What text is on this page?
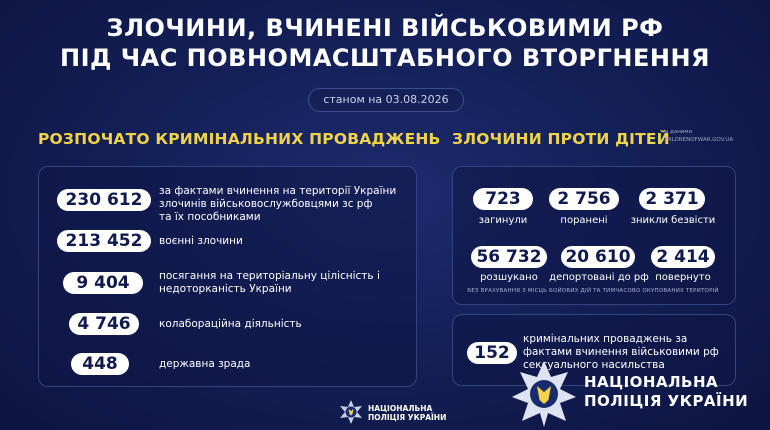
ЗЛОЧИНИ, ВЧИНЕНІ ВІЙСЬКОВИМИ РФ
ПІД ЧАС ПОВНОМАСШТАБНОГО ВТОРГНЕННЯ
станом на 03.08.2026
РОЗПОЧАТО КРИМІНАЛЬНИХ ПРОВАДЖЕНЬ ЗЛОЧИНИ ПРОТИ ДІТЕЙ
за даними
CHILDRENOFWAR.GOV.UA
230 612	за фактами вчинення на території України
злочинів військовослужбовцями зс рф
та їх пособниками
213 452	воєнні злочини
9 404	посягання на територіальну цілісність і
недоторканість України
4 746	колабораційна діяльність
448	державна зрада
723
загинули
2 756
поранені
2 371
зникли безвісти
56 732
розшукано
20 610
депортовані до рф
2 414
повернуто
БЕЗ ВРАХУВАННЯ З МІСЦЬ БОЙОВИХ ДІЙ ТА ТИМЧАСОВО ОКУПОВАНИХ ТЕРИТОРІЙ
152
кримінальних проваджень за
фактами вчинення військовими рф
сексуального насильства
НАЦІОНАЛЬНА
ПОЛІЦІЯ УКРАЇНИ
НАЦІОНАЛЬНА
ПОЛІЦІЯ УКРАЇНИ
